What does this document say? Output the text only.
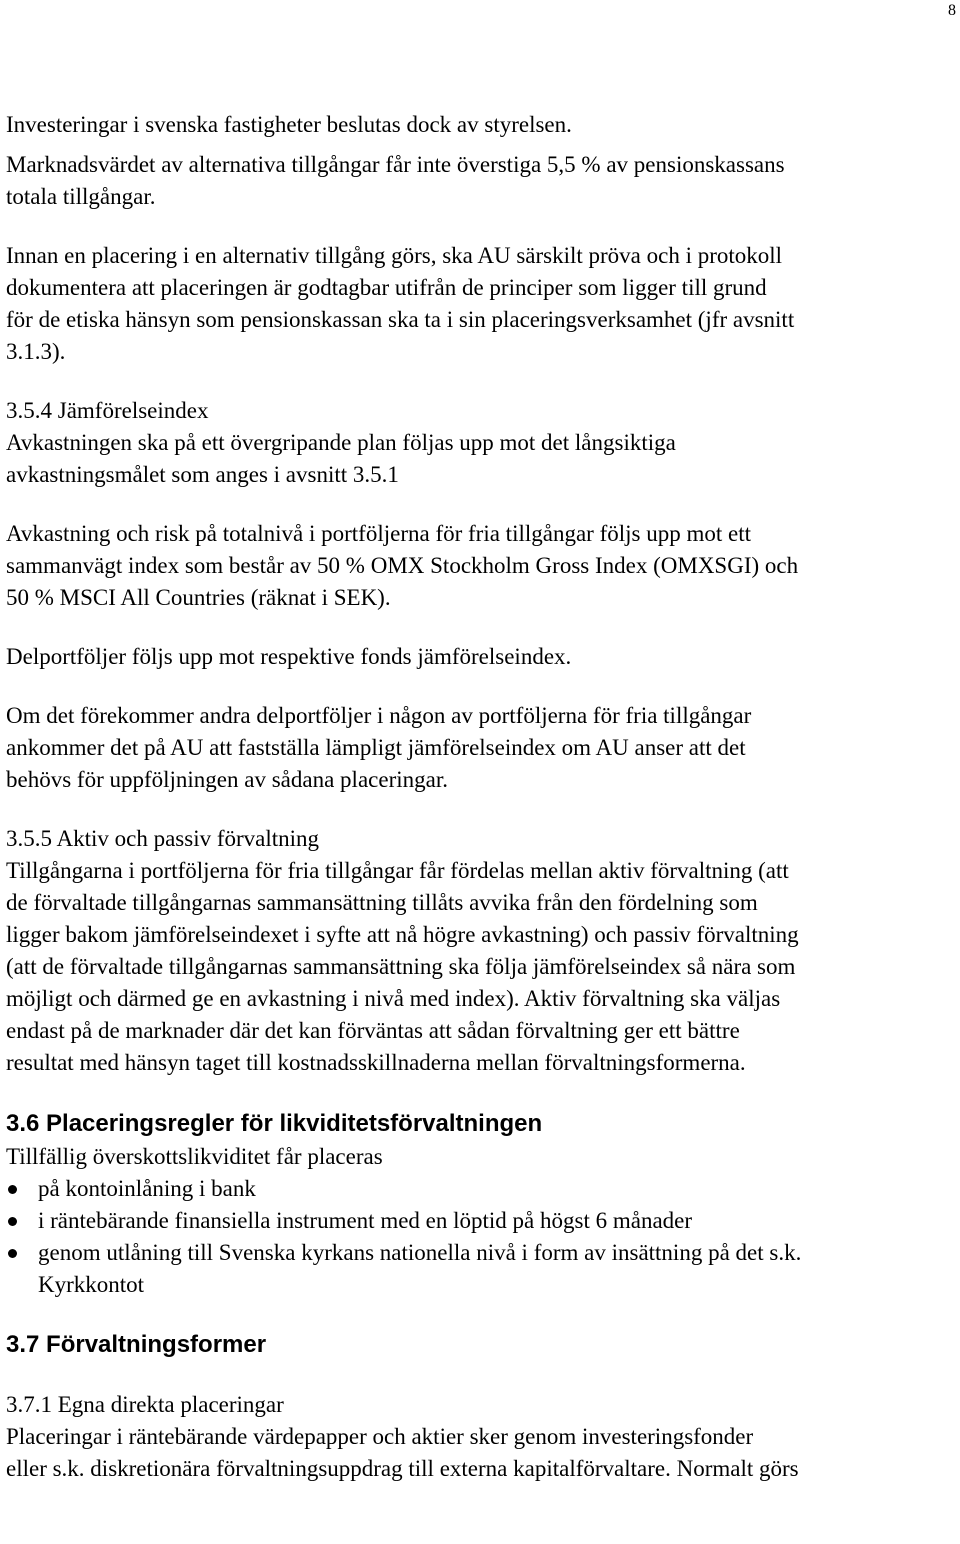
8

Investeringar i svenska fastigheter beslutas dock av styrelsen.

Marknadsvärdet av alternativa tillgångar får inte överstiga 5,5 % av pensionskassans

totala tillgångar.

Innan en placering i en alternativ tillgång görs, ska AU särskilt pröva och i protokoll

dokumentera att placeringen är godtagbar utifrån de principer som ligger till grund

för de etiska hänsyn som pensionskassan ska ta i sin placeringsverksamhet (jfr avsnitt

3.1.3).

3.5.4 Jämförelseindex

Avkastningen ska på ett övergripande plan följas upp mot det långsiktiga

avkastningsmålet som anges i avsnitt 3.5.1

Avkastning och risk på totalnivå i portföljerna för fria tillgångar följs upp mot ett

sammanvägt index som består av 50 % OMX Stockholm Gross Index (OMXSGI) och

50 % MSCI All Countries (räknat i SEK).

Delportföljer följs upp mot respektive fonds jämförelseindex.

Om det förekommer andra delportföljer i någon av portföljerna för fria tillgångar

ankommer det på AU att fastställa lämpligt jämförelseindex om AU anser att det

behövs för uppföljningen av sådana placeringar.

3.5.5 Aktiv och passiv förvaltning

Tillgångarna i portföljerna för fria tillgångar får fördelas mellan aktiv förvaltning (att

de förvaltade tillgångarnas sammansättning tillåts avvika från den fördelning som

ligger bakom jämförelseindexet i syfte att nå högre avkastning) och passiv förvaltning

(att de förvaltade tillgångarnas sammansättning ska följa jämförelseindex så nära som

möjligt och därmed ge en avkastning i nivå med index). Aktiv förvaltning ska väljas

endast på de marknader där det kan förväntas att sådan förvaltning ger ett bättre

resultat med hänsyn taget till kostnadsskillnaderna mellan förvaltningsformerna.

3.6 Placeringsregler för likviditetsförvaltningen

Tillfällig överskottslikviditet får placeras

på kontoinlåning i bank
i räntebärande finansiella instrument med en löptid på högst 6 månader
genom utlåning till Svenska kyrkans nationella nivå i form av insättning på det s.k.
Kyrkkontot

3.7 Förvaltningsformer

3.7.1 Egna direkta placeringar

Placeringar i räntebärande värdepapper och aktier sker genom investeringsfonder

eller s.k. diskretionära förvaltningsuppdrag till externa kapitalförvaltare. Normalt görs
